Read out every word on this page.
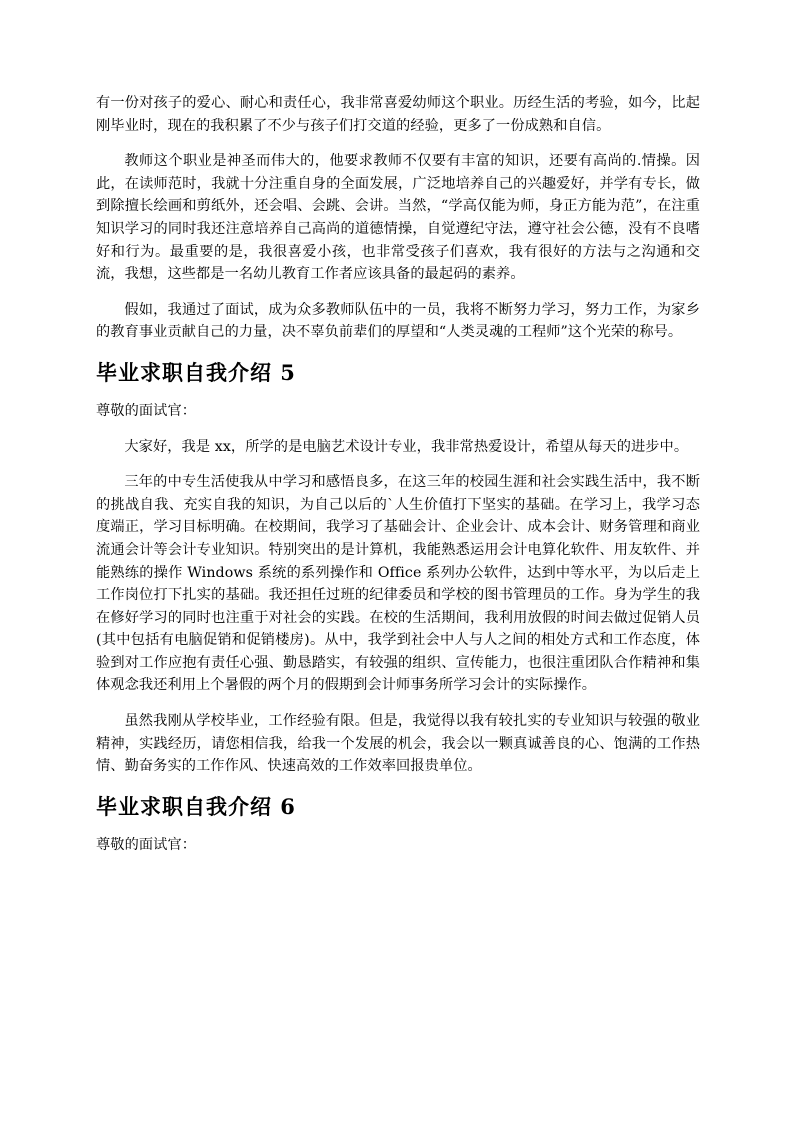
有一份对孩子的爱心、耐心和责任心，我非常喜爱幼师这个职业。历经生活的考验，如今，比起刚毕业时，现在的我积累了不少与孩子们打交道的经验，更多了一份成熟和自信。

教师这个职业是神圣而伟大的，他要求教师不仅要有丰富的知识，还要有高尚的.情操。因此，在读师范时，我就十分注重自身的全面发展，广泛地培养自己的兴趣爱好，并学有专长，做到除擅长绘画和剪纸外，还会唱、会跳、会讲。当然，“学高仅能为师，身正方能为范”，在注重知识学习的同时我还注意培养自己高尚的道德情操，自觉遵纪守法，遵守社会公德，没有不良嗜好和行为。最重要的是，我很喜爱小孩，也非常受孩子们喜欢，我有很好的方法与之沟通和交流，我想，这些都是一名幼儿教育工作者应该具备的最起码的素养。

假如，我通过了面试，成为众多教师队伍中的一员，我将不断努力学习，努力工作，为家乡的教育事业贡献自己的力量，决不辜负前辈们的厚望和“人类灵魂的工程师”这个光荣的称号。

毕业求职自我介绍 5

尊敬的面试官：

大家好，我是 xx，所学的是电脑艺术设计专业，我非常热爱设计，希望从每天的进步中。

三年的中专生活使我从中学习和感悟良多，在这三年的校园生涯和社会实践生活中，我不断的挑战自我、充实自我的知识，为自己以后的`人生价值打下坚实的基础。在学习上，我学习态度端正，学习目标明确。在校期间，我学习了基础会计、企业会计、成本会计、财务管理和商业流通会计等会计专业知识。特别突出的是计算机，我能熟悉运用会计电算化软件、用友软件、并能熟练的操作 Windows 系统的系列操作和 Office 系列办公软件，达到中等水平，为以后走上工作岗位打下扎实的基础。我还担任过班的纪律委员和学校的图书管理员的工作。身为学生的我在修好学习的同时也注重于对社会的实践。在校的生活期间，我利用放假的时间去做过促销人员(其中包括有电脑促销和促销楼房)。从中，我学到社会中人与人之间的相处方式和工作态度，体验到对工作应抱有责任心强、勤恳踏实，有较强的组织、宣传能力，也很注重团队合作精神和集体观念我还利用上个暑假的两个月的假期到会计师事务所学习会计的实际操作。

虽然我刚从学校毕业，工作经验有限。但是，我觉得以我有较扎实的专业知识与较强的敬业精神，实践经历，请您相信我，给我一个发展的机会，我会以一颗真诚善良的心、饱满的工作热情、勤奋务实的工作作风、快速高效的工作效率回报贵单位。

毕业求职自我介绍 6

尊敬的面试官：
